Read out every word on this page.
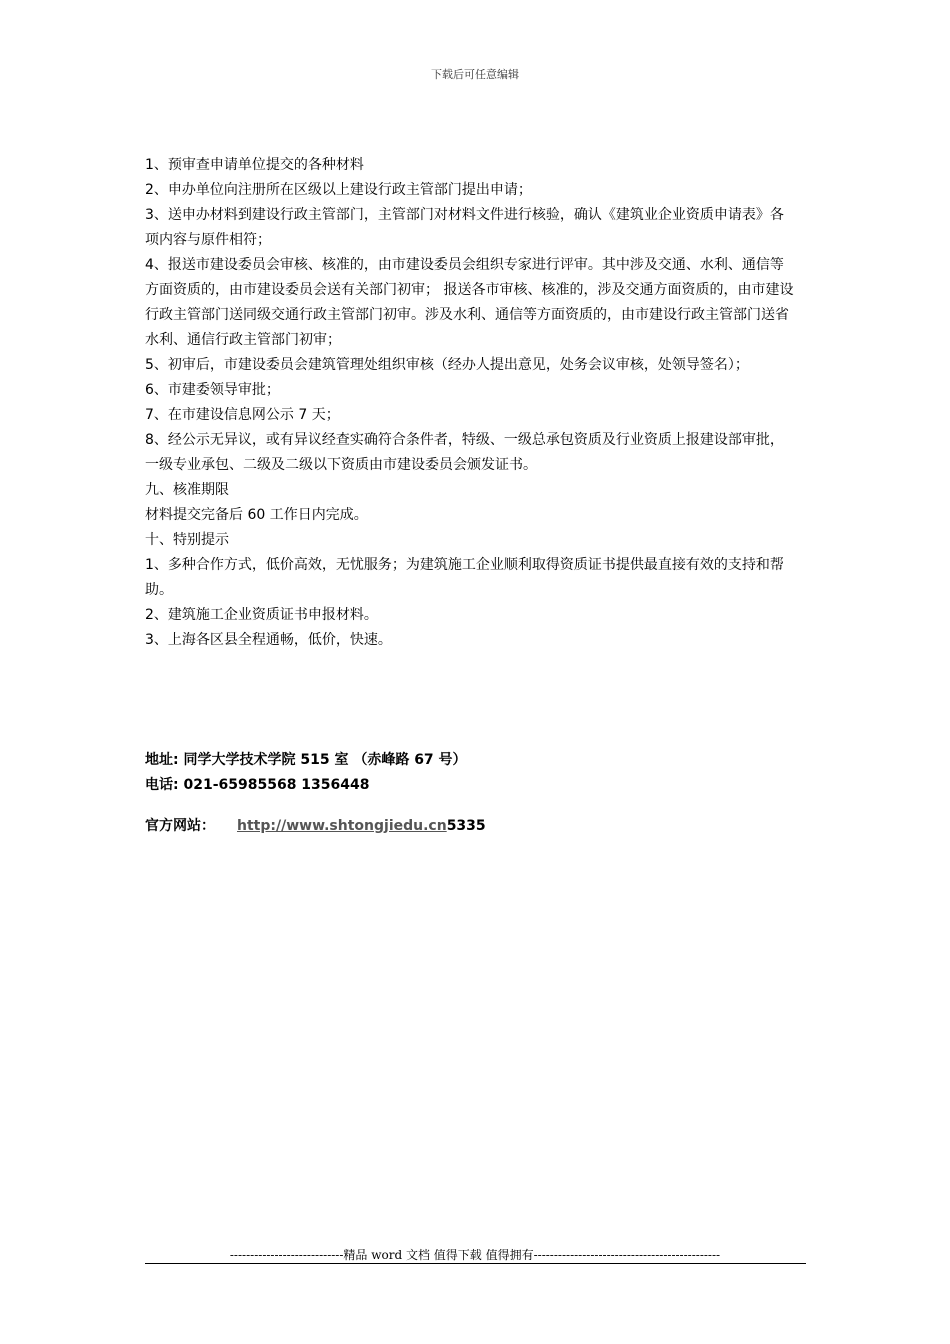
下载后可任意编辑

1、预审查申请单位提交的各种材料

2、申办单位向注册所在区级以上建设行政主管部门提出申请；

3、送申办材料到建设行政主管部门，主管部门对材料文件进行核验，确认《建筑业企业资质申请表》各项内容与原件相符；

4、报送市建设委员会审核、核准的，由市建设委员会组织专家进行评审。其中涉及交通、水利、通信等方面资质的，由市建设委员会送有关部门初审； 报送各市审核、核准的，涉及交通方面资质的，由市建设行政主管部门送同级交通行政主管部门初审。涉及水利、通信等方面资质的，由市建设行政主管部门送省水利、通信行政主管部门初审；

5、初审后，市建设委员会建筑管理处组织审核（经办人提出意见，处务会议审核，处领导签名）；

6、市建委领导审批；

7、在市建设信息网公示 7 天；

8、经公示无异议，或有异议经查实确符合条件者，特级、一级总承包资质及行业资质上报建设部审批，一级专业承包、二级及二级以下资质由市建设委员会颁发证书。

九、核准期限

材料提交完备后 60 工作日内完成。

十、特别提示

1、多种合作方式，低价高效，无忧服务；为建筑施工企业顺利取得资质证书提供最直接有效的支持和帮助。

2、建筑施工企业资质证书申报材料。

3、上海各区县全程通畅，低价，快速。

地址: 同学大学技术学院 515 室 （赤峰路 67 号）

电话: 021-65985568 1356448

官方网站： http://www.shtongjiedu.cn5335

----------------------------精品 word 文档 值得下载 值得拥有----------------------------------------------
